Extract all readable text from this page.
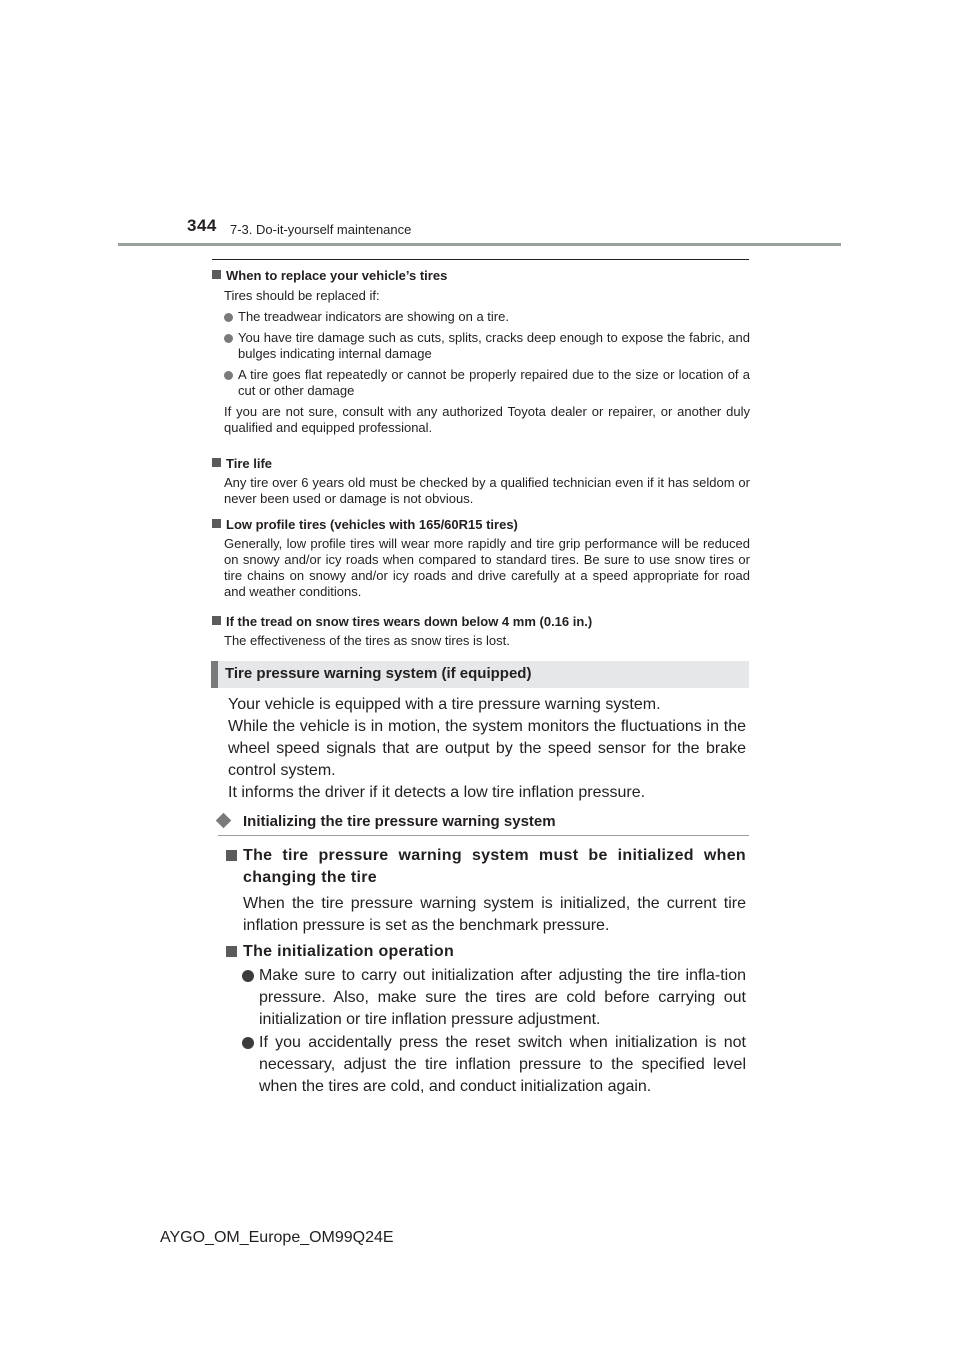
344 7-3. Do-it-yourself maintenance

When to replace your vehicle’s tires

Tires should be replaced if:

The treadwear indicators are showing on a tire.

You have tire damage such as cuts, splits, cracks deep enough to expose the fabric, and bulges indicating internal damage

A tire goes flat repeatedly or cannot be properly repaired due to the size or location of a cut or other damage

If you are not sure, consult with any authorized Toyota dealer or repairer, or another duly qualified and equipped professional.

Tire life

Any tire over 6 years old must be checked by a qualified technician even if it has seldom or never been used or damage is not obvious.

Low profile tires (vehicles with 165/60R15 tires)

Generally, low profile tires will wear more rapidly and tire grip performance will be reduced on snowy and/or icy roads when compared to standard tires. Be sure to use snow tires or tire chains on snowy and/or icy roads and drive carefully at a speed appropriate for road and weather conditions.

If the tread on snow tires wears down below 4 mm (0.16 in.)

The effectiveness of the tires as snow tires is lost.

Tire pressure warning system (if equipped)
Your vehicle is equipped with a tire pressure warning system.
While the vehicle is in motion, the system monitors the fluctuations in the wheel speed signals that are output by the speed sensor for the brake control system.
It informs the driver if it detects a low tire inflation pressure.
Initializing the tire pressure warning system
The tire pressure warning system must be initialized when changing the tire
When the tire pressure warning system is initialized, the current tire inflation pressure is set as the benchmark pressure.
The initialization operation
Make sure to carry out initialization after adjusting the tire infla-tion pressure. Also, make sure the tires are cold before carrying out initialization or tire inflation pressure adjustment.
If you accidentally press the reset switch when initialization is not necessary, adjust the tire inflation pressure to the specified level when the tires are cold, and conduct initialization again.
AYGO_OM_Europe_OM99Q24E
